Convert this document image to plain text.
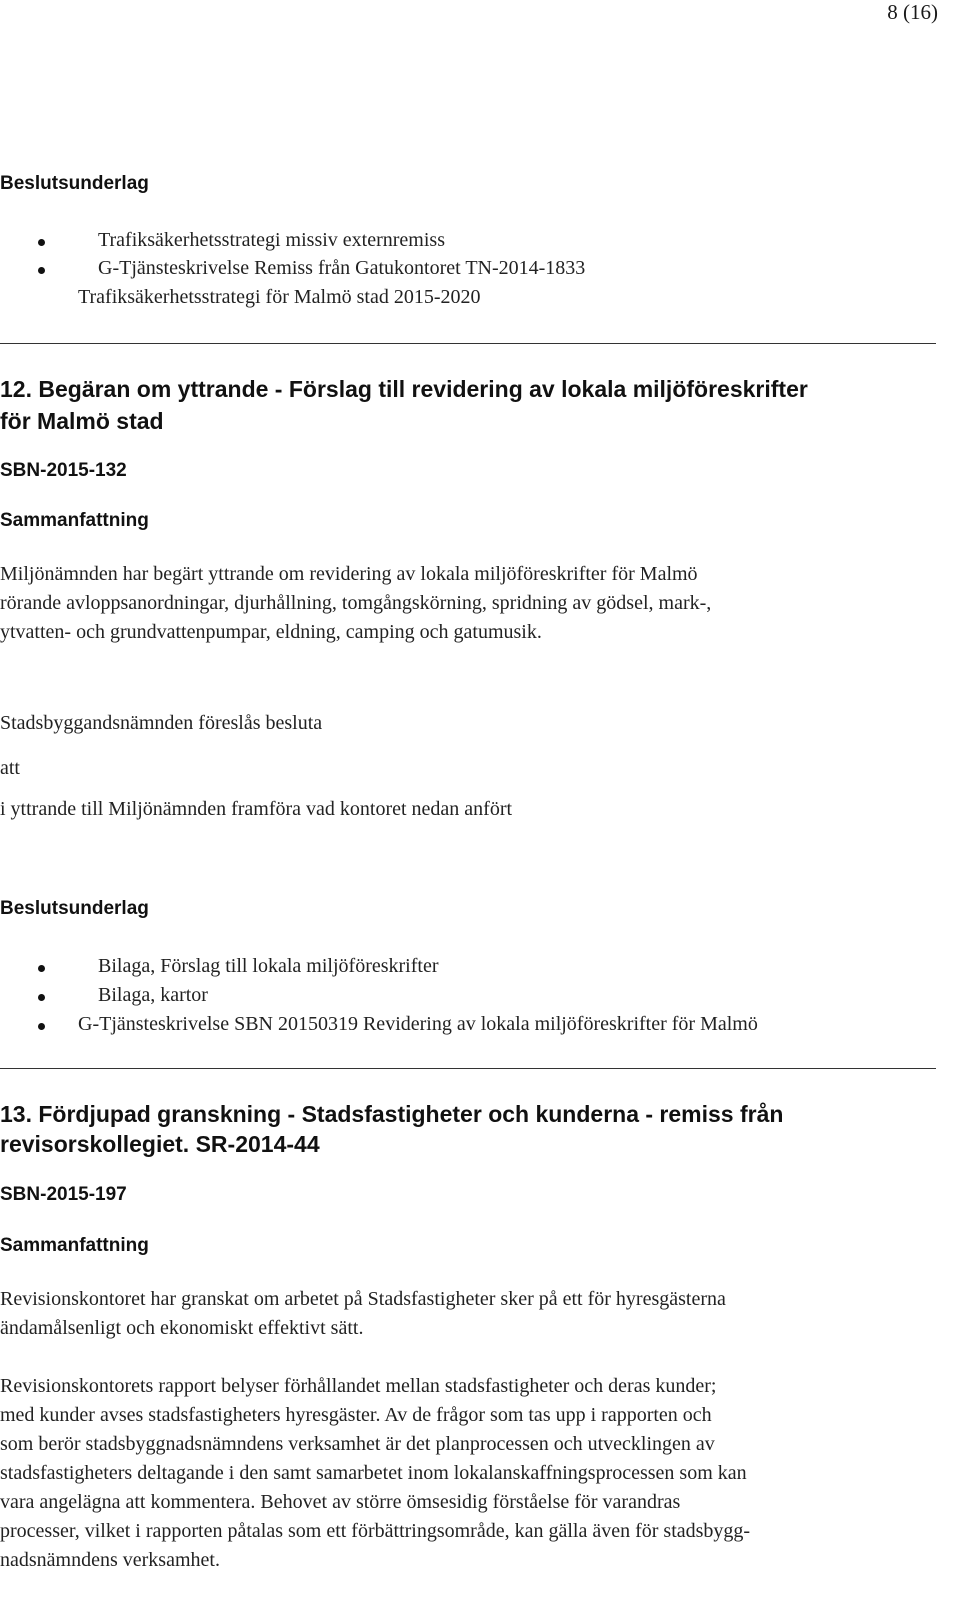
8 (16)
Beslutsunderlag
Trafiksäkerhetsstrategi missiv externremiss
G-Tjänsteskrivelse Remiss från Gatukontoret TN-2014-1833
Trafiksäkerhetsstrategi för Malmö stad 2015-2020
12. Begäran om yttrande - Förslag till revidering av lokala miljöföreskrifter
för Malmö stad
SBN-2015-132
Sammanfattning
Miljönämnden har begärt yttrande om revidering av lokala miljöföreskrifter för Malmö
rörande avloppsanordningar, djurhållning, tomgångskörning, spridning av gödsel, mark-,
ytvatten- och grundvattenpumpar, eldning, camping och gatumusik.
Stadsbyggandsnämnden föreslås besluta
att
i yttrande till Miljönämnden framföra vad kontoret nedan anfört
Beslutsunderlag
Bilaga, Förslag till lokala miljöföreskrifter
Bilaga, kartor
G-Tjänsteskrivelse SBN 20150319 Revidering av lokala miljöföreskrifter för Malmö
13. Fördjupad granskning - Stadsfastigheter och kunderna - remiss från
revisorskollegiet. SR-2014-44
SBN-2015-197
Sammanfattning
Revisionskontoret har granskat om arbetet på Stadsfastigheter sker på ett för hyresgästerna
ändamålsenligt och ekonomiskt effektivt sätt.
Revisionskontorets rapport belyser förhållandet mellan stadsfastigheter och deras kunder;
med kunder avses stadsfastigheters hyresgäster. Av de frågor som tas upp i rapporten och
som berör stadsbyggnadsnämndens verksamhet är det planprocessen och utvecklingen av
stadsfastigheters deltagande i den samt samarbetet inom lokalanskaffningsprocessen som kan
vara angelägna att kommentera. Behovet av större ömsesidig förståelse för varandras
processer, vilket i rapporten påtalas som ett förbättringsområde, kan gälla även för stadsbygg-
nadsnämndens verksamhet.
